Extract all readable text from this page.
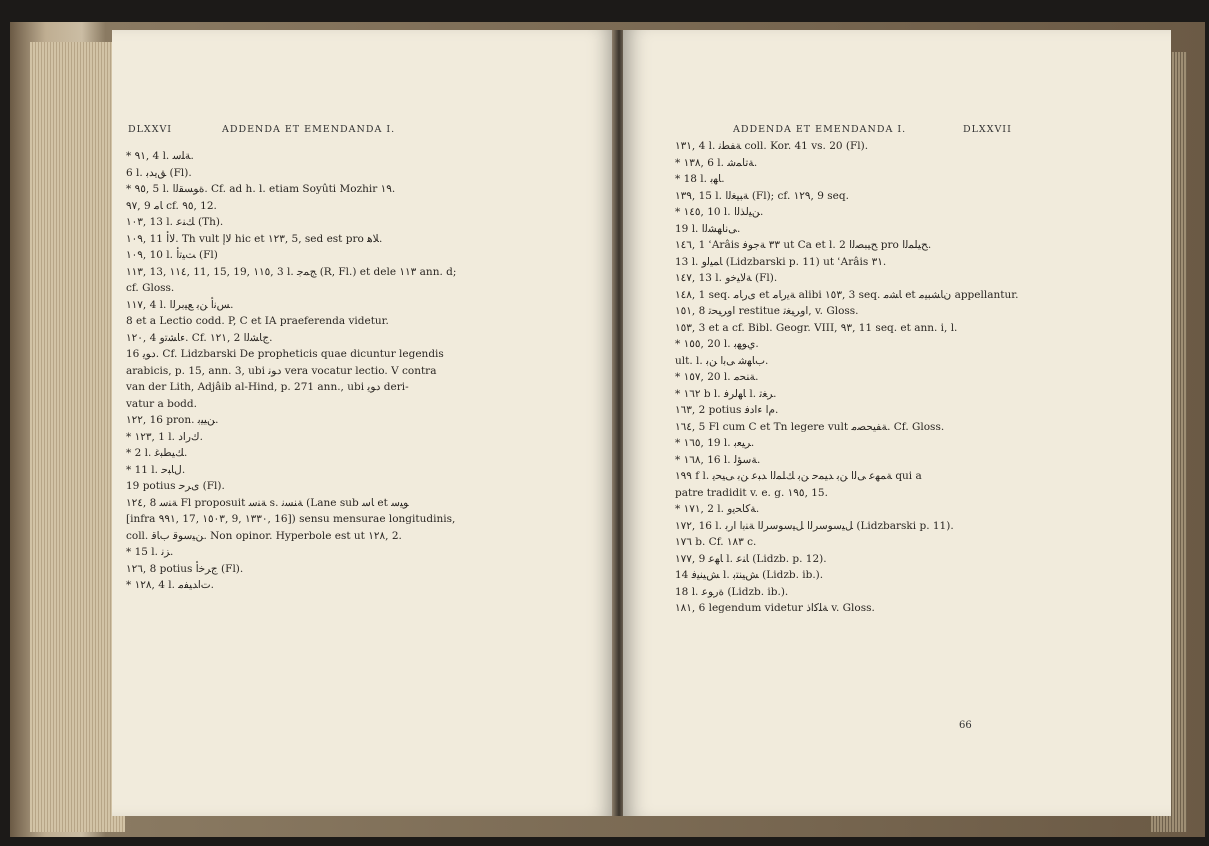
DLXXVI	ADDENDA ET EMENDANDA I.
* ٩١, 4 l. ﺔﻠﺳ.
6 l. ﻖﻳﺪﺑ (Fl).
* ٩٥, 5 l. ﺓﻮﺴﻘﻟﺍ. Cf. ad h. l. etiam Soyûti Mozhir ١٩.
٩٧, 9 ﺎﻣ cf. ٩٥, 12.
١٠٣, 13 l. ﻚﻨﻋ (Th).
١٠٩, 11 ﻻﺃ. Th vult ﻻﺇ hic et ١٢٣, 5, sed est pro ﻼﻫ.
١٠٩, 10 l. ﺖﻴﺗﺃ (Fl)
١١٣, 13, ١١٤, 11, 15, 19, ١١٥, 3 l. ﺞﻤﺟ (R, Fl.) et dele ١١٣ ann. d;
cf. Gloss.
١١٧, 4 l. ﺲﻧﺃ ﻦﺑ ﻊﻴﺑﺮﻟﺍ.
8 et a Lectio codd. P, C et IA praeferenda videtur.
١٢٠, 4 ﺀﺎﺸﺗﻭ. Cf. ١٢١, 2 ﺝﺎﺸﻟﺍ.
16 ﺩﻮﻳ. Cf. Lidzbarski De propheticis quae dicuntur legendis
arabicis, p. 15, ann. 3, ubi ﺩﻮﻧ vera vocatur lectio. V contra
van der Lith, Adjâib al-Hind, p. 271 ann., ubi ﺩﻮﻳ deri-
vatur a bodd.
١٢٢, 16 pron. ﻦﻴﻴﺑ.
* ١٢٣, 1 l. ﻙﺭﺍﺩ.
* 2 l. ﻚﻴﻄﺒﻏ.
* 11 l. ﻝﺎﺒﺣ.
19 potius ﻯﺮﺣ (Fl).
١٢٤, 8 ﺔﻨﺳ Fl proposuit ﺔﻨﺳ s. ﺔﻨﺴﻧ (Lane sub ﺎﺳ et ﻮﻴﺳ
[infra ٩٩١, 17, ١٥٠٣, 9, ١٣٣٠, 16]) sensu mensurae longitudinis,
coll. ﻦﻴﺳﻮﻗ ﺏﺎﻗ. Non opinor. Hyperbole est ut ١٢٨, 2.
* 15 l. ﺰﻧ.
١٢٦, 8 potius ﺝﺮﺧﺃ (Fl).
* ١٢٨, 4 l. ﺕﺍﺪﻴﻔﻣ.
ADDENDA ET EMENDANDA I.	DLXXVII
١٣١, 4 l. ﺔﻔﻄﻧ coll. Kor. 41 vs. 20 (Fl).
* ١٣٨, 6 l. ﺔﺗﺎﻤﺷ.
* 18 l. ﺎﻬﺑ.
١٣٩, 15 l. ﺔﺒﻴﻐﻟﺍ (Fl); cf. ١٢٩, 9 seq.
* ١٤٥, 10 l. ﻦﻴﻟﺬﻟﺍ.
19 l. ﻰﻧﺎﻬﺸﻟﺍ.
١٤٦, 1 ʿArâis ٣٣ ﺔﺟﻮﻓ ut Ca et l. 2 ﺢﻴﺒﺼﻟﺍ pro ﺢﻴﻠﻤﻟﺍ.
13 l. ﺎﻤﻴﻟﻭ (Lidzbarski p. 11) ut ʿArâis ٣١.
١٤٧, 13 l. ﺔﻟﺎﻴﺧﻭ (Fl).
١٤٨, 1 seq. ﻯﺭﺎﻣ et ﺔﻳﺭﺎﻣ alibi ١٥٣, 3 seq. ﺎﺸﻣ et ﻥﺎﺸﺒﻴﻣ appellantur.
١٥١, 8 ﺍﻭﺮﻴﺤﺗ restitue ﺍﻭﺮﻴﻐﺗ, v. Gloss.
١٥٣, 3 et a cf. Bibl. Geogr. VIII, ٩٣, 11 seq. et ann. i, l.
* ١٥٥, 20 l. ﻱﻮﻬﺑ.
ult. l. ﺏﺎﻬﺷ ﻰﺑﺍ ﻦﺑ.
* ١٥٧, 20 l. ﺔﻨﺤﻣ.
* ١٦٢ b l. ﺎﻬﻟﺮﻓ l. ﺮﻐﺗ.
١٦٣, 2 potius ﻡﺍ ﺀﺍﺩﻓ.
١٦٤, 5 Fl cum C et Tn legere vult ﺔﻔﻴﺤﺼﻣ. Cf. Gloss.
* ١٦٥, 19 l. ﺮﻴﻌﺑ.
* ١٦٨, 16 l. ﺔﺳﺆﻟ.
١٩٩ f l. ﺔﻤﻬﻋ ﻰﻟﺍ ﻦﺑ ﺪﻴﻤﺣ ﻦﺑ ﻚﻠﻤﻟﺍ ﺪﺒﻋ ﻦﺑ ﻰﻴﺤﻳ qui a
patre tradidit v. e. g. ١٩٥, 15.
* ١٧١, 2 l. ﺔﻛﺎﺤﻳﻭ.
١٧٢, 16 l. ﻞﻴﺳﻮﺳﺮﻟﺍ ﻞﻴﺳﻮﺳﺮﻟﺍ ﺔﻨﺑﺍ ﺍﺭﺑ (Lidzbarski p. 11).
١٧٦ b. Cf. ١٨٣ c.
١٧٧, 9 ﺎﻬﻋ l. ﺎﻨﻋ (Lidzb. p. 12).
14 ﺶﻴﻨﻴﻓ l. ﺶﻴﻨﺘﺑ (Lidzb. ib.).
18 l. ﺓﺭﻮﻋ (Lidzb. ib.).
١٨١, 6 legendum videtur ﺔﻠﻛﺍﺫ v. Gloss.
66
